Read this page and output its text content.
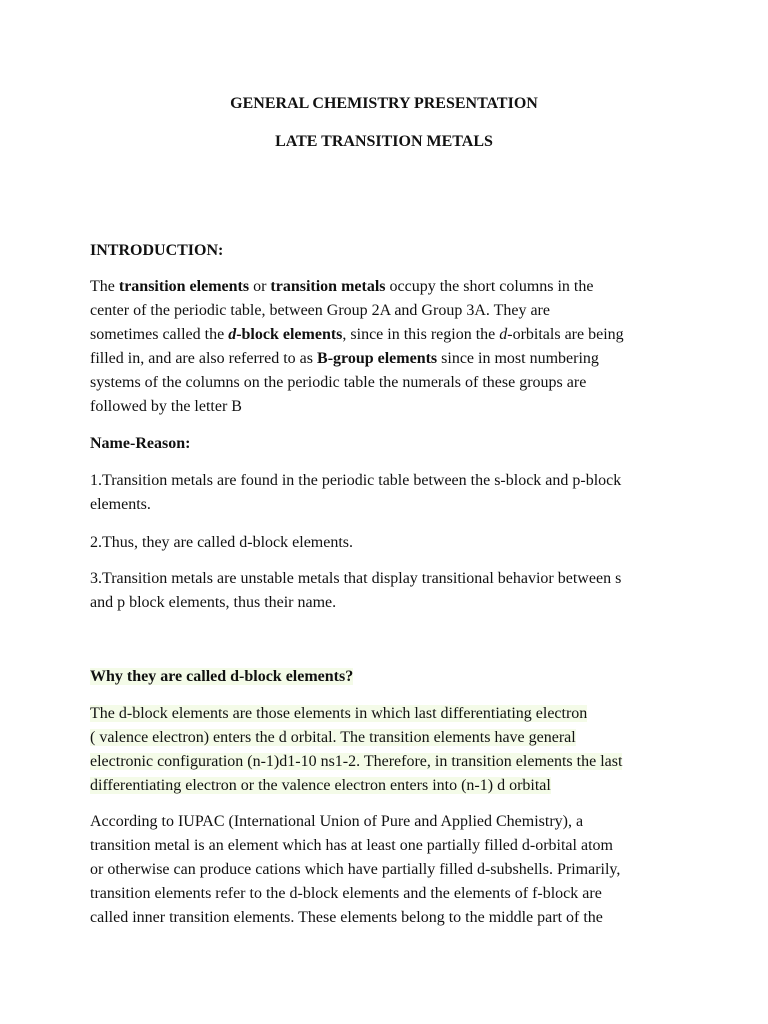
GENERAL CHEMISTRY PRESENTATION
LATE TRANSITION METALS
INTRODUCTION:
The transition elements or transition metals occupy the short columns in the
center of the periodic table, between Group 2A and Group 3A. They are
sometimes called the d-block elements, since in this region the d-orbitals are being
filled in, and are also referred to as B-group elements since in most numbering
systems of the columns on the periodic table the numerals of these groups are
followed by the letter B
Name-Reason:
1.Transition metals are found in the periodic table between the s-block and p-block
elements.
2.Thus, they are called d-block elements.
3.Transition metals are unstable metals that display transitional behavior between s
and p block elements, thus their name.
Why they are called d-block elements?
The d-block elements are those elements in which last differentiating electron
( valence electron) enters the d orbital. The transition elements have general
electronic configuration (n-1)d1-10 ns1-2. Therefore, in transition elements the last
differentiating electron or the valence electron enters into (n-1) d orbital
According to IUPAC (International Union of Pure and Applied Chemistry), a
transition metal is an element which has at least one partially filled d-orbital atom
or otherwise can produce cations which have partially filled d-subshells. Primarily,
transition elements refer to the d-block elements and the elements of f-block are
called inner transition elements. These elements belong to the middle part of the
